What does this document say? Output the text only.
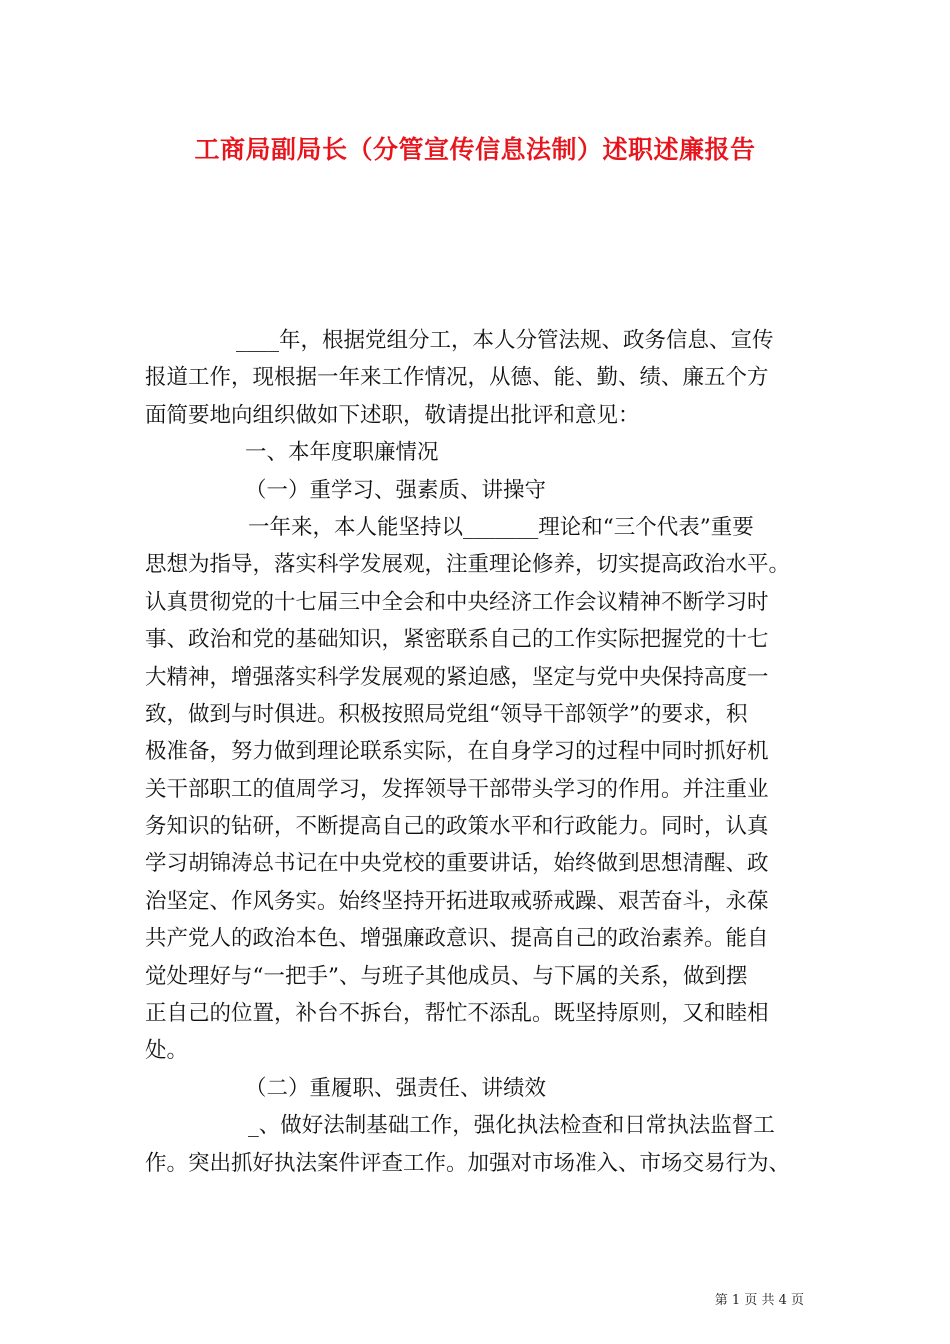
工商局副局长（分管宣传信息法制）述职述廉报告
____年，根据党组分工，本人分管法规、政务信息、宣传
报道工作，现根据一年来工作情况，从德、能、勤、绩、廉五个方
面简要地向组织做如下述职，敬请提出批评和意见：
一、本年度职廉情况
（一）重学习、强素质、讲操守
一年来，本人能坚持以_______理论和“三个代表”重要
思想为指导，落实科学发展观，注重理论修养，切实提高政治水平。
认真贯彻党的十七届三中全会和中央经济工作会议精神不断学习时
事、政治和党的基础知识，紧密联系自己的工作实际把握党的十七
大精神，增强落实科学发展观的紧迫感，坚定与党中央保持高度一
致，做到与时俱进。积极按照局党组“领导干部领学”的要求，积
极准备，努力做到理论联系实际，在自身学习的过程中同时抓好机
关干部职工的值周学习，发挥领导干部带头学习的作用。并注重业
务知识的钻研，不断提高自己的政策水平和行政能力。同时，认真
学习胡锦涛总书记在中央党校的重要讲话，始终做到思想清醒、政
治坚定、作风务实。始终坚持开拓进取戒骄戒躁、艰苦奋斗，永葆
共产党人的政治本色、增强廉政意识、提高自己的政治素养。能自
觉处理好与“一把手”、与班子其他成员、与下属的关系，做到摆
正自己的位置，补台不拆台，帮忙不添乱。既坚持原则，又和睦相
处。
（二）重履职、强责任、讲绩效
_、做好法制基础工作，强化执法检查和日常执法监督工
作。突出抓好执法案件评查工作。加强对市场准入、市场交易行为、
第 1 页 共 4 页
